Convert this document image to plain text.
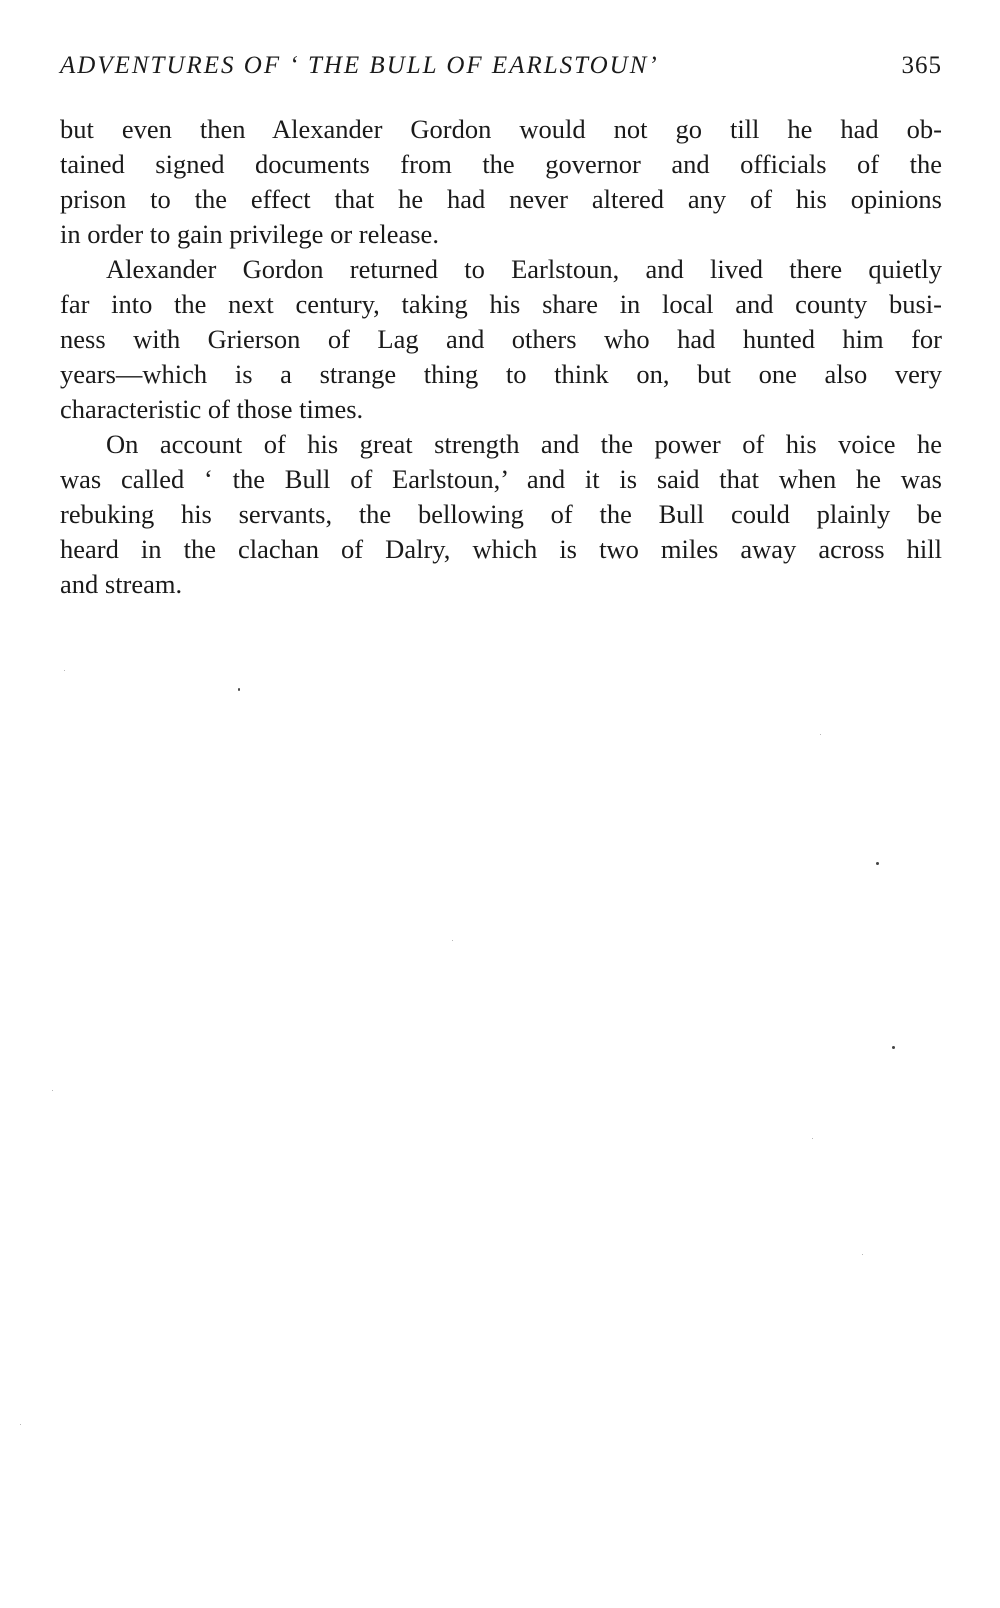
ADVENTURES OF ‘ THE BULL OF EARLSTOUN’	365

but even then Alexander Gordon would not go till he had ob-
tained signed documents from the governor and officials of the
prison to the effect that he had never altered any of his opinions
in order to gain privilege or release.

Alexander Gordon returned to Earlstoun, and lived there quietly
far into the next century, taking his share in local and county busi-
ness with Grierson of Lag and others who had hunted him for
years—which is a strange thing to think on, but one also very
characteristic of those times.

On account of his great strength and the power of his voice he
was called ‘ the Bull of Earlstoun,’ and it is said that when he was
rebuking his servants, the bellowing of the Bull could plainly be
heard in the clachan of Dalry, which is two miles away across hill
and stream.
